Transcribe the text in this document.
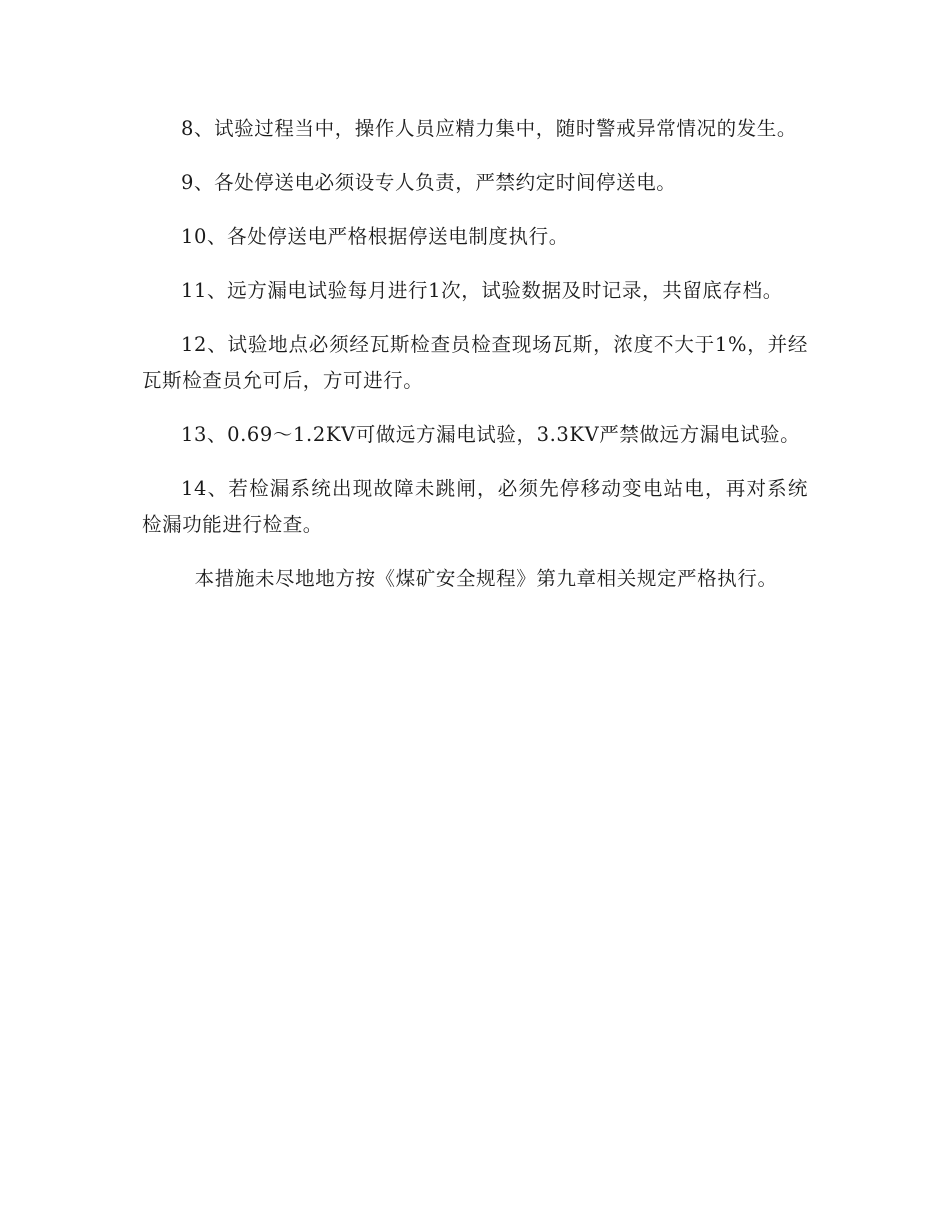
8、试验过程当中，操作人员应精力集中，随时警戒异常情况的发生。

9、各处停送电必须设专人负责，严禁约定时间停送电。

10、各处停送电严格根据停送电制度执行。

11、远方漏电试验每月进行1次，试验数据及时记录，共留底存档。

12、试验地点必须经瓦斯检查员检查现场瓦斯，浓度不大于1%，并经瓦斯检查员允可后，方可进行。

13、0.69～1.2KV可做远方漏电试验，3.3KV严禁做远方漏电试验。

14、若检漏系统出现故障未跳闸，必须先停移动变电站电，再对系统检漏功能进行检查。

本措施未尽地地方按《煤矿安全规程》第九章相关规定严格执行。
